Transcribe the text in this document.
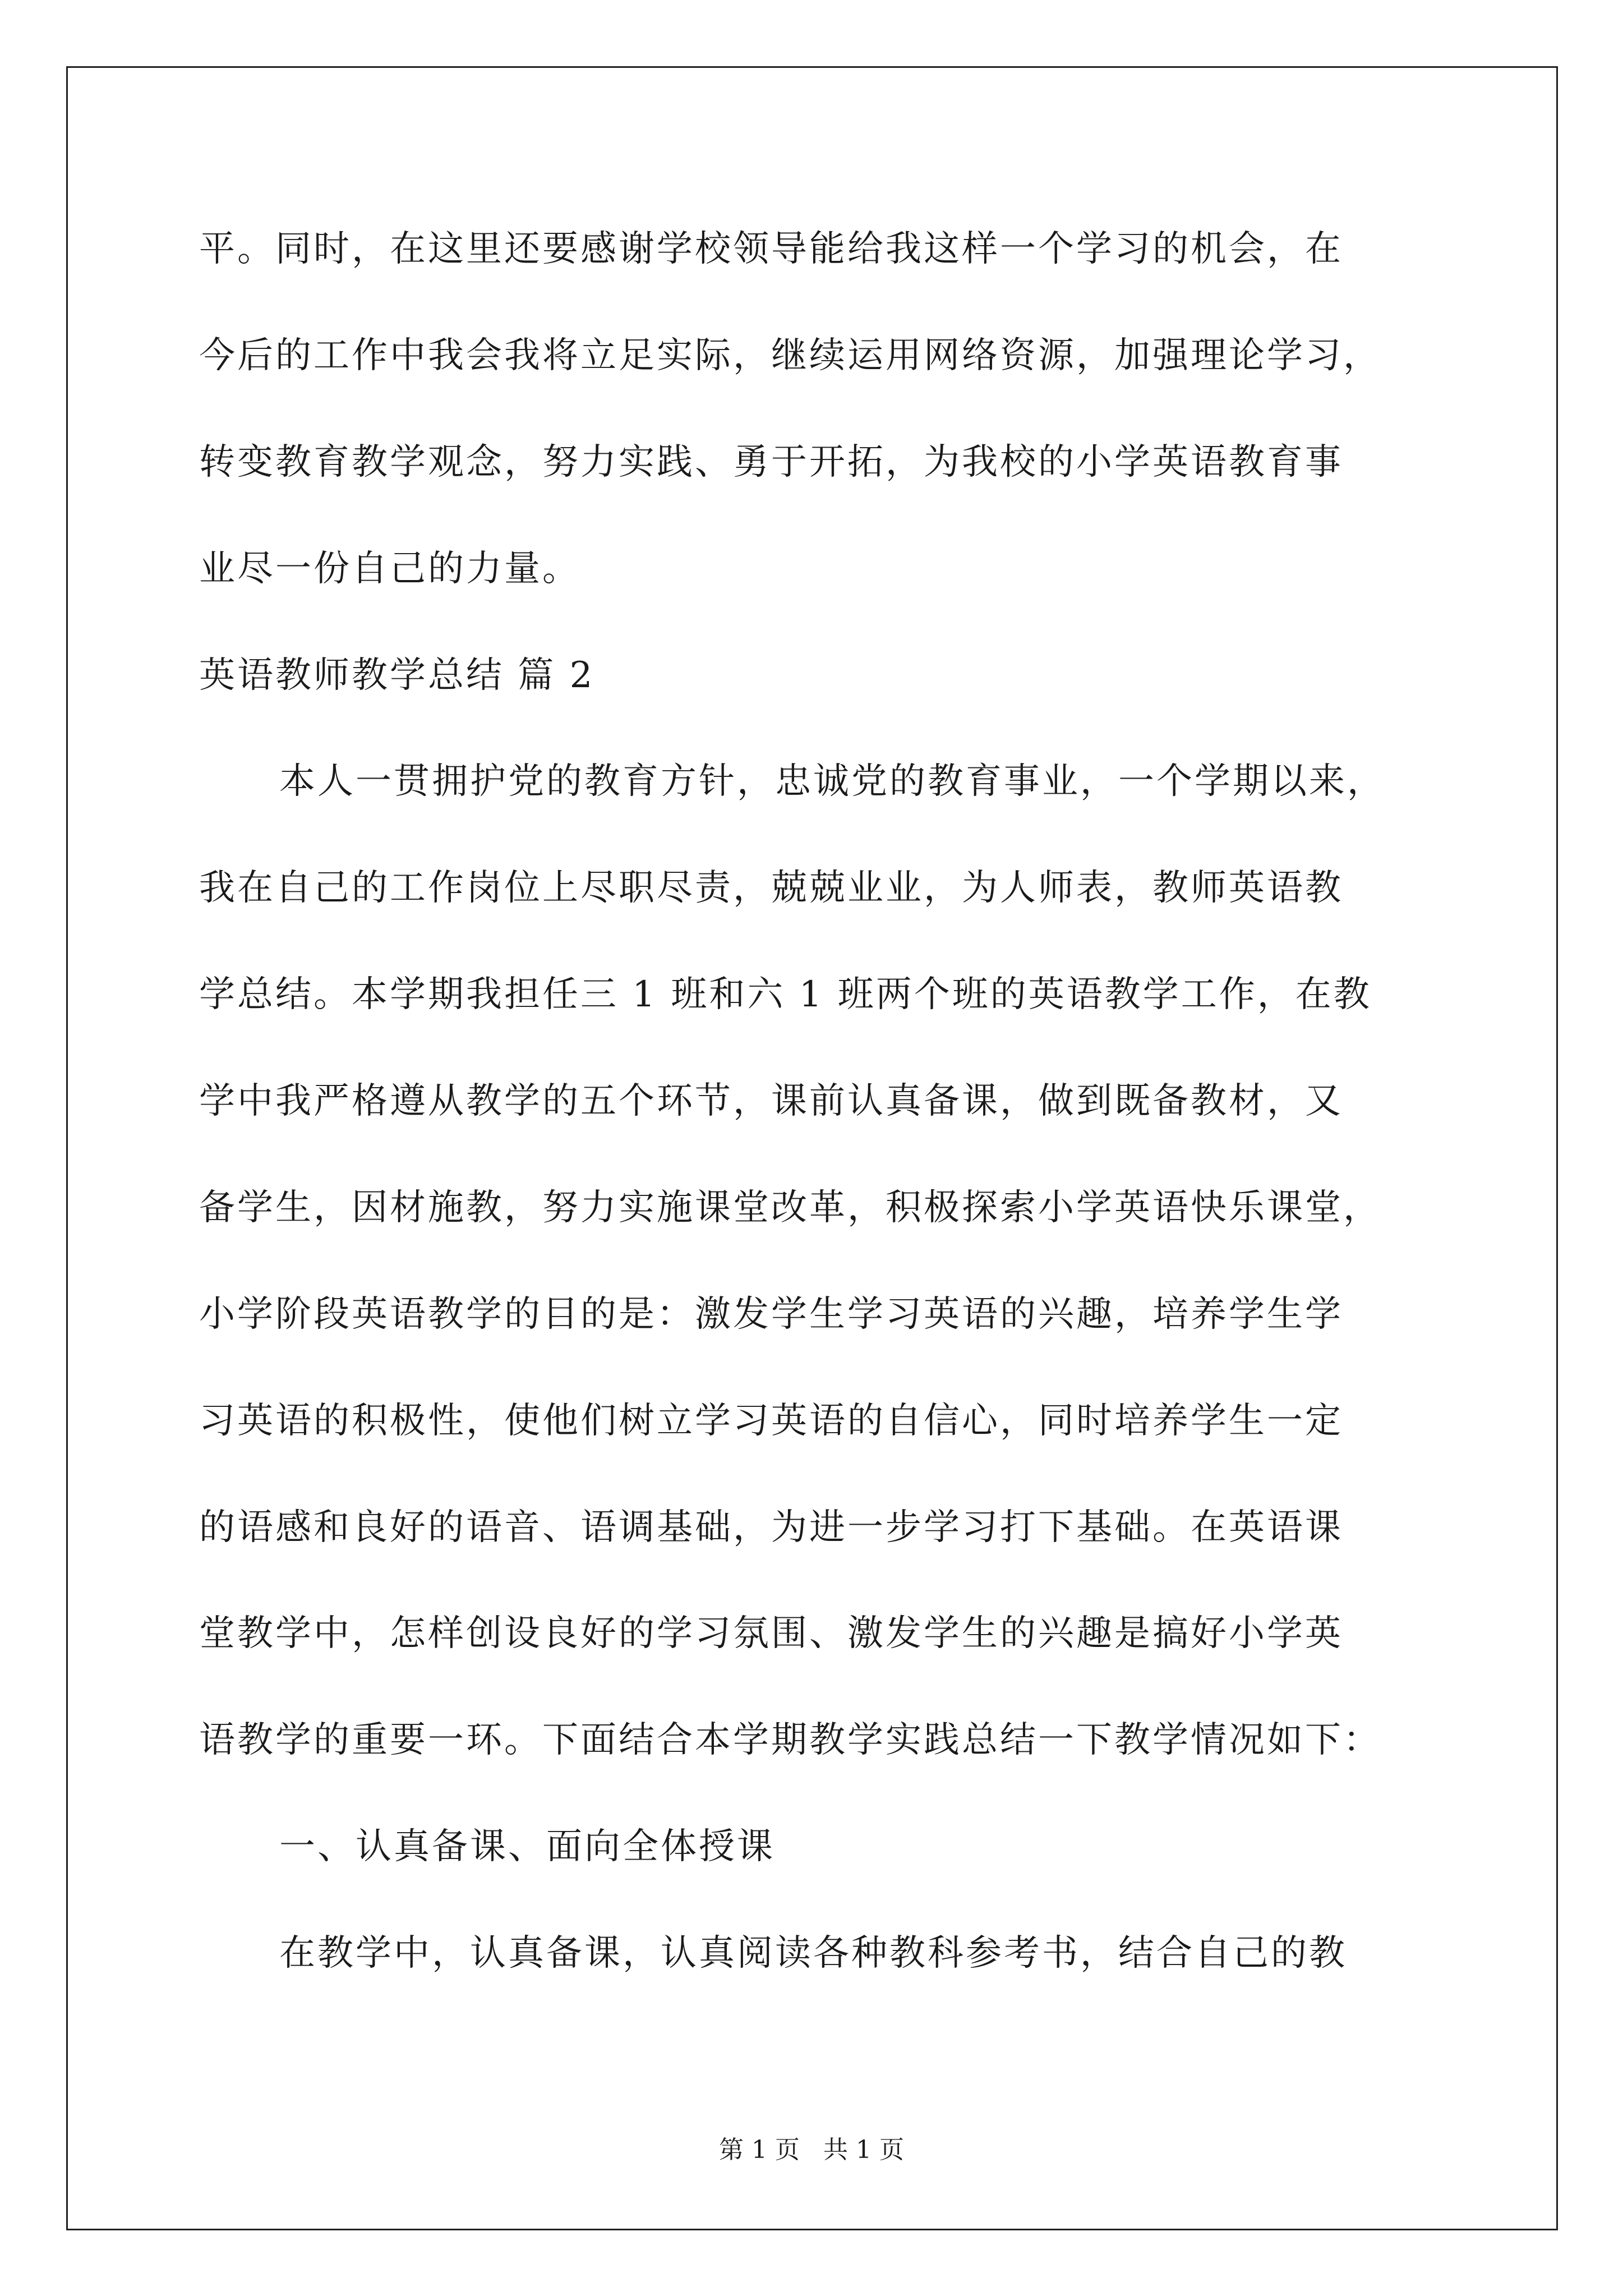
平。同时，在这里还要感谢学校领导能给我这样一个学习的机会，在
今后的工作中我会我将立足实际，继续运用网络资源，加强理论学习，
转变教育教学观念，努力实践、勇于开拓，为我校的小学英语教育事
业尽一份自己的力量。
英语教师教学总结 篇 2
本人一贯拥护党的教育方针，忠诚党的教育事业，一个学期以来，
我在自己的工作岗位上尽职尽责，兢兢业业，为人师表，教师英语教
学总结。本学期我担任三 1 班和六 1 班两个班的英语教学工作，在教
学中我严格遵从教学的五个环节，课前认真备课，做到既备教材，又
备学生，因材施教，努力实施课堂改革，积极探索小学英语快乐课堂，
小学阶段英语教学的目的是：激发学生学习英语的兴趣，培养学生学
习英语的积极性，使他们树立学习英语的自信心，同时培养学生一定
的语感和良好的语音、语调基础，为进一步学习打下基础。在英语课
堂教学中，怎样创设良好的学习氛围、激发学生的兴趣是搞好小学英
语教学的重要一环。下面结合本学期教学实践总结一下教学情况如下：
一、认真备课、面向全体授课
在教学中，认真备课，认真阅读各种教科参考书，结合自己的教
第 1 页   共 1 页
